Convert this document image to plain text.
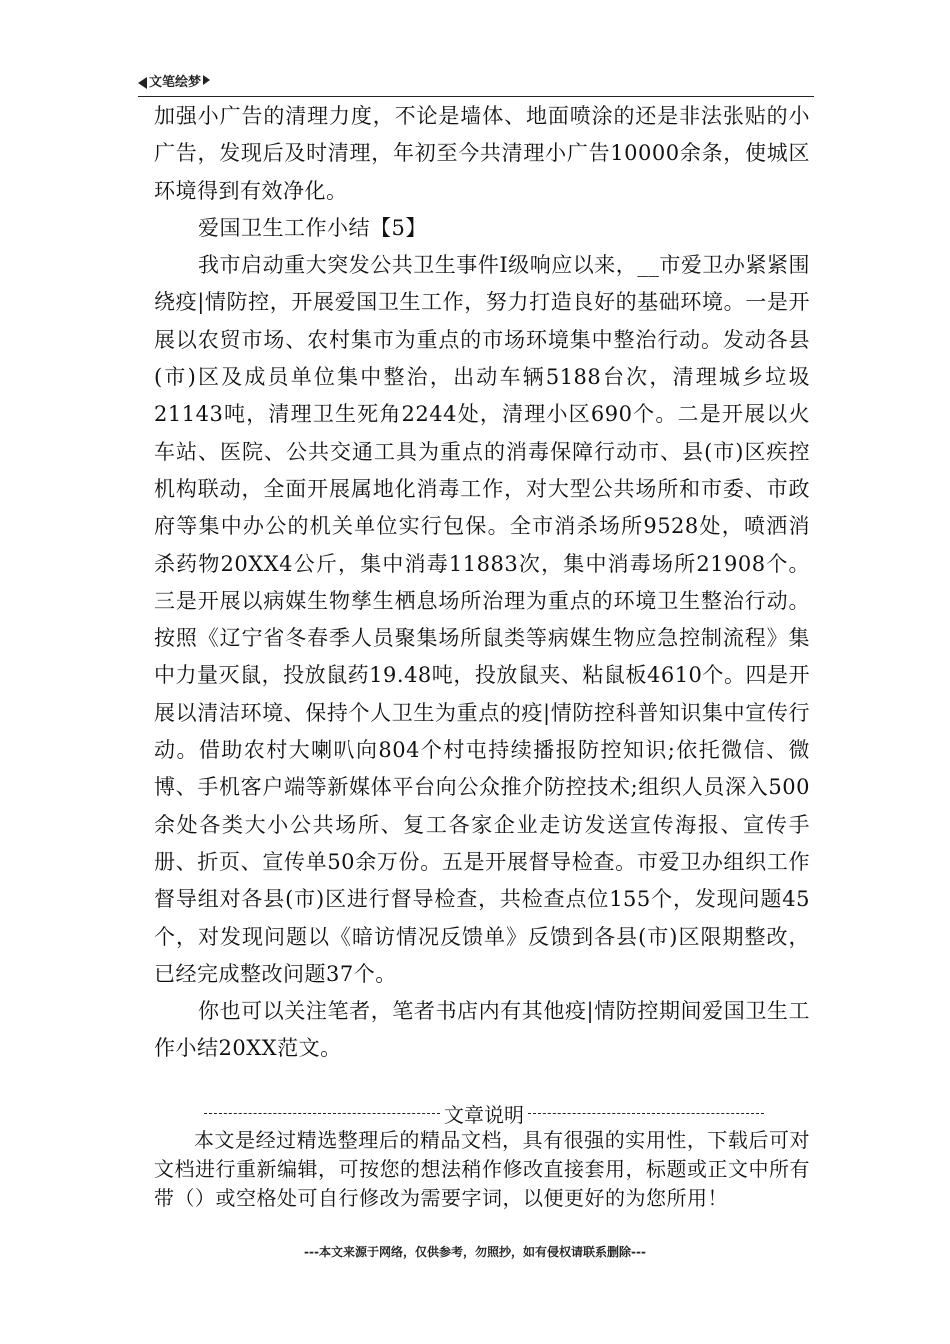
文笔绘梦

加强小广告的清理力度，不论是墙体、地面喷涂的还是非法张贴的小广告，发现后及时清理，年初至今共清理小广告10000余条，使城区环境得到有效净化。

爱国卫生工作小结【5】

我市启动重大突发公共卫生事件Ⅰ级响应以来，__市爱卫办紧紧围绕疫|情防控，开展爱国卫生工作，努力打造良好的基础环境。一是开展以农贸市场、农村集市为重点的市场环境集中整治行动。发动各县(市)区及成员单位集中整治，出动车辆5188台次，清理城乡垃圾21143吨，清理卫生死角2244处，清理小区690个。二是开展以火车站、医院、公共交通工具为重点的消毒保障行动市、县(市)区疾控机构联动，全面开展属地化消毒工作，对大型公共场所和市委、市政府等集中办公的机关单位实行包保。全市消杀场所9528处，喷洒消杀药物20XX4公斤，集中消毒11883次，集中消毒场所21908个。三是开展以病媒生物孳生栖息场所治理为重点的环境卫生整治行动。按照《辽宁省冬春季人员聚集场所鼠类等病媒生物应急控制流程》集中力量灭鼠，投放鼠药19.48吨，投放鼠夹、粘鼠板4610个。四是开展以清洁环境、保持个人卫生为重点的疫|情防控科普知识集中宣传行动。借助农村大喇叭向804个村屯持续播报防控知识;依托微信、微博、手机客户端等新媒体平台向公众推介防控技术;组织人员深入500余处各类大小公共场所、复工各家企业走访发送宣传海报、宣传手册、折页、宣传单50余万份。五是开展督导检查。市爱卫办组织工作督导组对各县(市)区进行督导检查，共检查点位155个，发现问题45个，对发现问题以《暗访情况反馈单》反馈到各县(市)区限期整改，已经完成整改问题37个。

你也可以关注笔者，笔者书店内有其他疫|情防控期间爱国卫生工作小结20XX范文。

文章说明

本文是经过精选整理后的精品文档，具有很强的实用性，下载后可对文档进行重新编辑，可按您的想法稍作修改直接套用，标题或正文中所有带（）或空格处可自行修改为需要字词，以便更好的为您所用！

---本文来源于网络，仅供参考，勿照抄，如有侵权请联系删除---
